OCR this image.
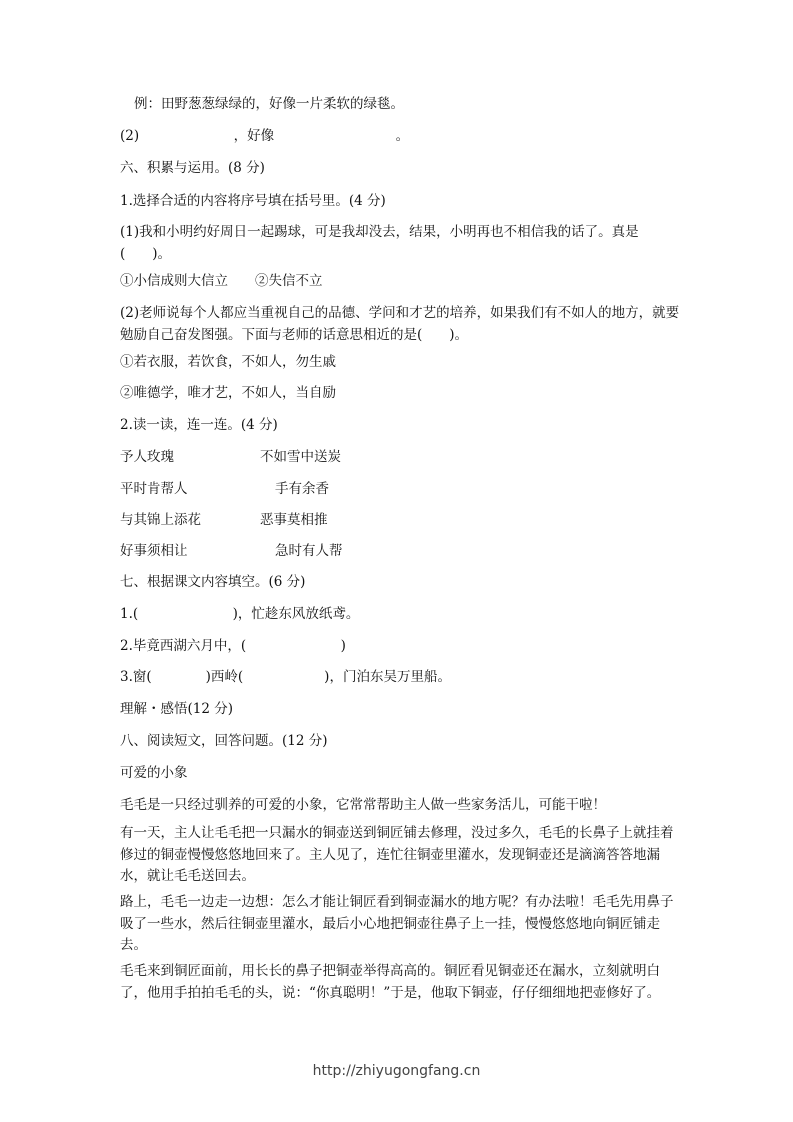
例：田野葱葱绿绿的，好像一片柔软的绿毯。
(2)　　　　　　　，好像　　　　　　　　　。
六、积累与运用。(8 分)
1.选择合适的内容将序号填在括号里。(4 分)
(1)我和小明约好周日一起踢球，可是我却没去，结果，小明再也不相信我的话了。真是(　　)。
①小信成则大信立　　②失信不立
(2)老师说每个人都应当重视自己的品德、学问和才艺的培养，如果我们有不如人的地方，就要勉励自己奋发图强。下面与老师的话意思相近的是(　　)。
①若衣服，若饮食，不如人，勿生戚
②唯德学，唯才艺，不如人，当自励
2.读一读，连一连。(4 分)
予人玫瑰	不如雪中送炭
平时肯帮人	手有余香
与其锦上添花	恶事莫相推
好事须相让	急时有人帮
七、根据课文内容填空。(6 分)
1.(　　　　　　　)，忙趁东风放纸鸢。
2.毕竟西湖六月中，(　　　　　　　)
3.窗(　　　　)西岭(　　　　　　)，门泊东吴万里船。
理解・感悟(12 分)
八、阅读短文，回答问题。(12 分)
可爱的小象
毛毛是一只经过驯养的可爱的小象，它常常帮助主人做一些家务活儿，可能干啦！
有一天，主人让毛毛把一只漏水的铜壶送到铜匠铺去修理，没过多久，毛毛的长鼻子上就挂着修过的铜壶慢慢悠悠地回来了。主人见了，连忙往铜壶里灌水，发现铜壶还是滴滴答答地漏水，就让毛毛送回去。
路上，毛毛一边走一边想：怎么才能让铜匠看到铜壶漏水的地方呢？有办法啦！毛毛先用鼻子吸了一些水，然后往铜壶里灌水，最后小心地把铜壶往鼻子上一挂，慢慢悠悠地向铜匠铺走去。
毛毛来到铜匠面前，用长长的鼻子把铜壶举得高高的。铜匠看见铜壶还在漏水，立刻就明白了，他用手拍拍毛毛的头，说：“你真聪明！”于是，他取下铜壶，仔仔细细地把壶修好了。
http://zhiyugongfang.cn
